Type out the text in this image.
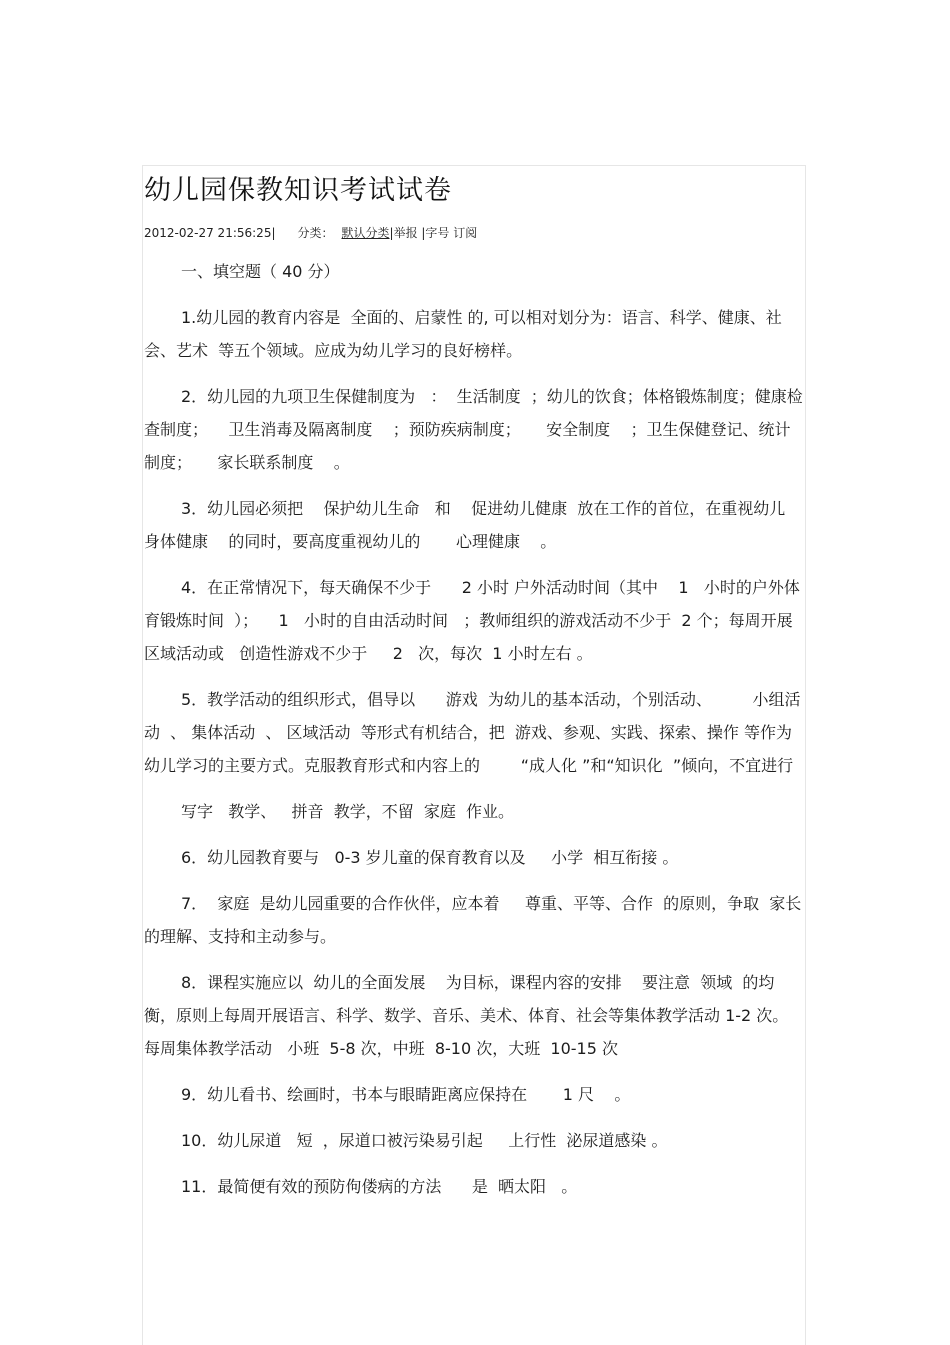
幼儿园保教知识考试试卷
2012-02-27 21:56:25| 分类： 默认分类|举报 |字号 订阅

一、填空题（ 40 分）

1.幼儿园的教育内容是  全面的、启蒙性 的, 可以相对划分为：语言、科学、健康、社会、艺术  等五个领域。应成为幼儿学习的良好榜样。

2．幼儿园的九项卫生保健制度为   ：  生活制度  ；幼儿的饮食；体格锻炼制度；健康检查制度；    卫生消毒及隔离制度    ；预防疾病制度；     安全制度    ；卫生保健登记、统计制度；     家长联系制度    。

3．幼儿园必须把    保护幼儿生命   和    促进幼儿健康  放在工作的首位，在重视幼儿  身体健康    的同时，要高度重视幼儿的       心理健康    。

4．在正常情况下，每天确保不少于      2 小时 户外活动时间（其中    1   小时的户外体育锻炼时间  ）；    1   小时的自由活动时间   ；教师组织的游戏活动不少于  2 个；每周开展区域活动或   创造性游戏不少于     2   次，每次  1 小时左右 。

5．教学活动的组织形式，倡导以      游戏  为幼儿的基本活动，个别活动、        小组活动  、 集体活动  、 区域活动  等形式有机结合，把  游戏、参观、实践、探索、操作 等作为幼儿学习的主要方式。克服教育形式和内容上的        “成人化 ”和“知识化  ”倾向，不宜进行

写字   教学、   拼音  教学，不留  家庭  作业。

6．幼儿园教育要与   0-3 岁儿童的保育教育以及     小学  相互衔接 。

7．  家庭  是幼儿园重要的合作伙伴，应本着     尊重、平等、合作  的原则，争取  家长  的理解、支持和主动参与。

8．课程实施应以  幼儿的全面发展    为目标，课程内容的安排    要注意  领域  的均衡，原则上每周开展语言、科学、数学、音乐、美术、体育、社会等集体教学活动 1-2 次。每周集体教学活动   小班  5-8 次，中班  8-10 次，大班  10-15 次

9．幼儿看书、绘画时，书本与眼睛距离应保持在       1 尺    。

10．幼儿尿道   短  ，尿道口被污染易引起     上行性  泌尿道感染 。

11．最简便有效的预防佝偻病的方法      是  晒太阳   。
